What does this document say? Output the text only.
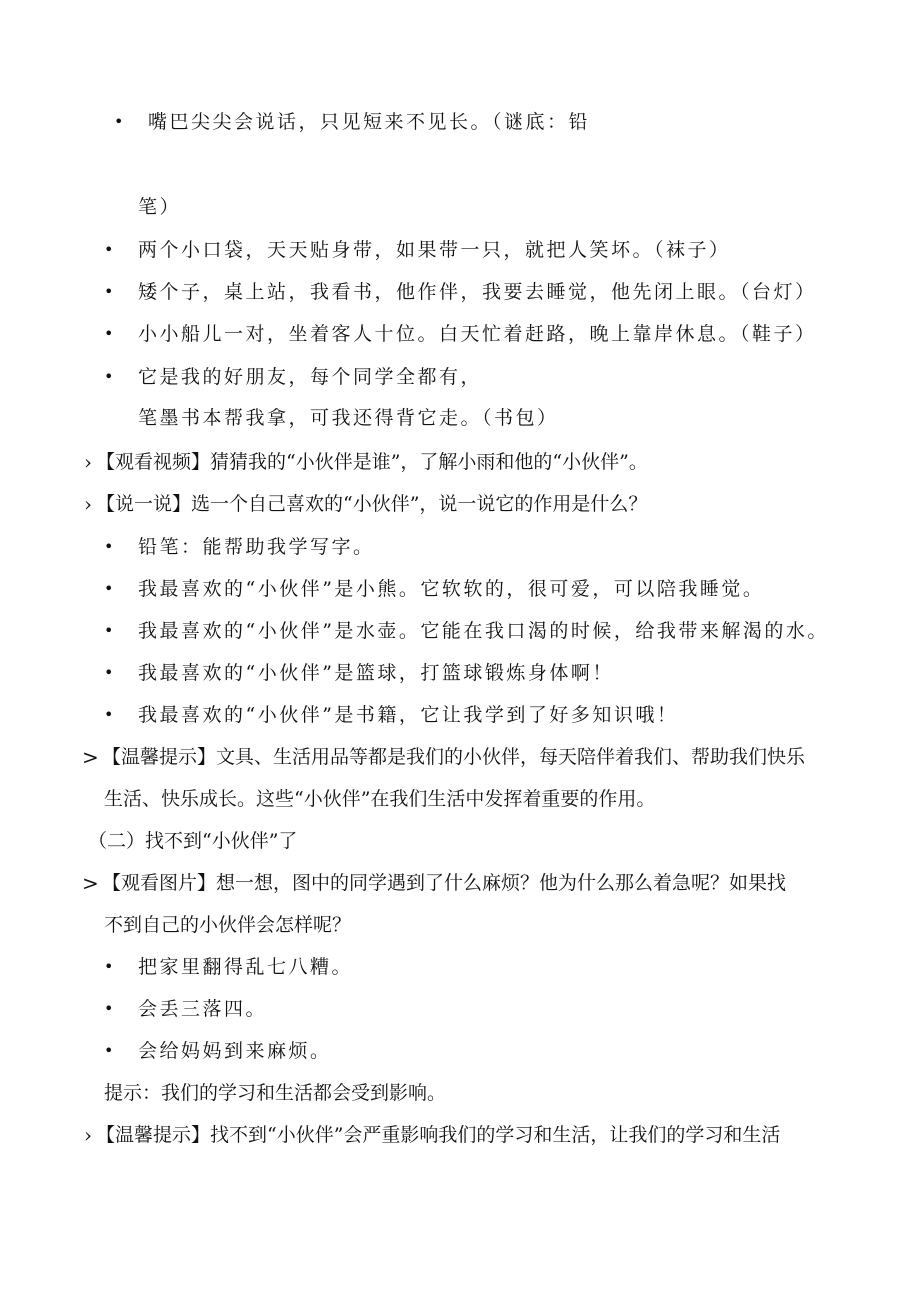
• 嘴巴尖尖会说话，只见短来不见长。（谜底：铅
笔）
• 两个小口袋，天天贴身带，如果带一只，就把人笑坏。（袜子）
• 矮个子，桌上站，我看书，他作伴，我要去睡觉，他先闭上眼。（台灯）
• 小小船儿一对，坐着客人十位。白天忙着赶路，晚上靠岸休息。（鞋子）
• 它是我的好朋友，每个同学全都有，
笔墨书本帮我拿，可我还得背它走。（书包）
› 【观看视频】猜猜我的“小伙伴是谁”，了解小雨和他的“小伙伴”。
› 【说一说】选一个自己喜欢的“小伙伴”，说一说它的作用是什么？
• 铅笔：能帮助我学写字。
• 我最喜欢的“小伙伴”是小熊。它软软的，很可爱，可以陪我睡觉。
• 我最喜欢的“小伙伴”是水壶。它能在我口渴的时候，给我带来解渴的水。
• 我最喜欢的“小伙伴”是篮球，打篮球锻炼身体啊！
• 我最喜欢的“小伙伴”是书籍，它让我学到了好多知识哦！
> 【温馨提示】文具、生活用品等都是我们的小伙伴，每天陪伴着我们、帮助我们快乐
生活、快乐成长。这些“小伙伴”在我们生活中发挥着重要的作用。
（二）找不到“小伙伴”了
> 【观看图片】想一想，图中的同学遇到了什么麻烦？他为什么那么着急呢？如果找
不到自己的小伙伴会怎样呢？
• 把家里翻得乱七八糟。
• 会丢三落四。
• 会给妈妈到来麻烦。
提示：我们的学习和生活都会受到影响。
› 【温馨提示】找不到“小伙伴”会严重影响我们的学习和生活，让我们的学习和生活
